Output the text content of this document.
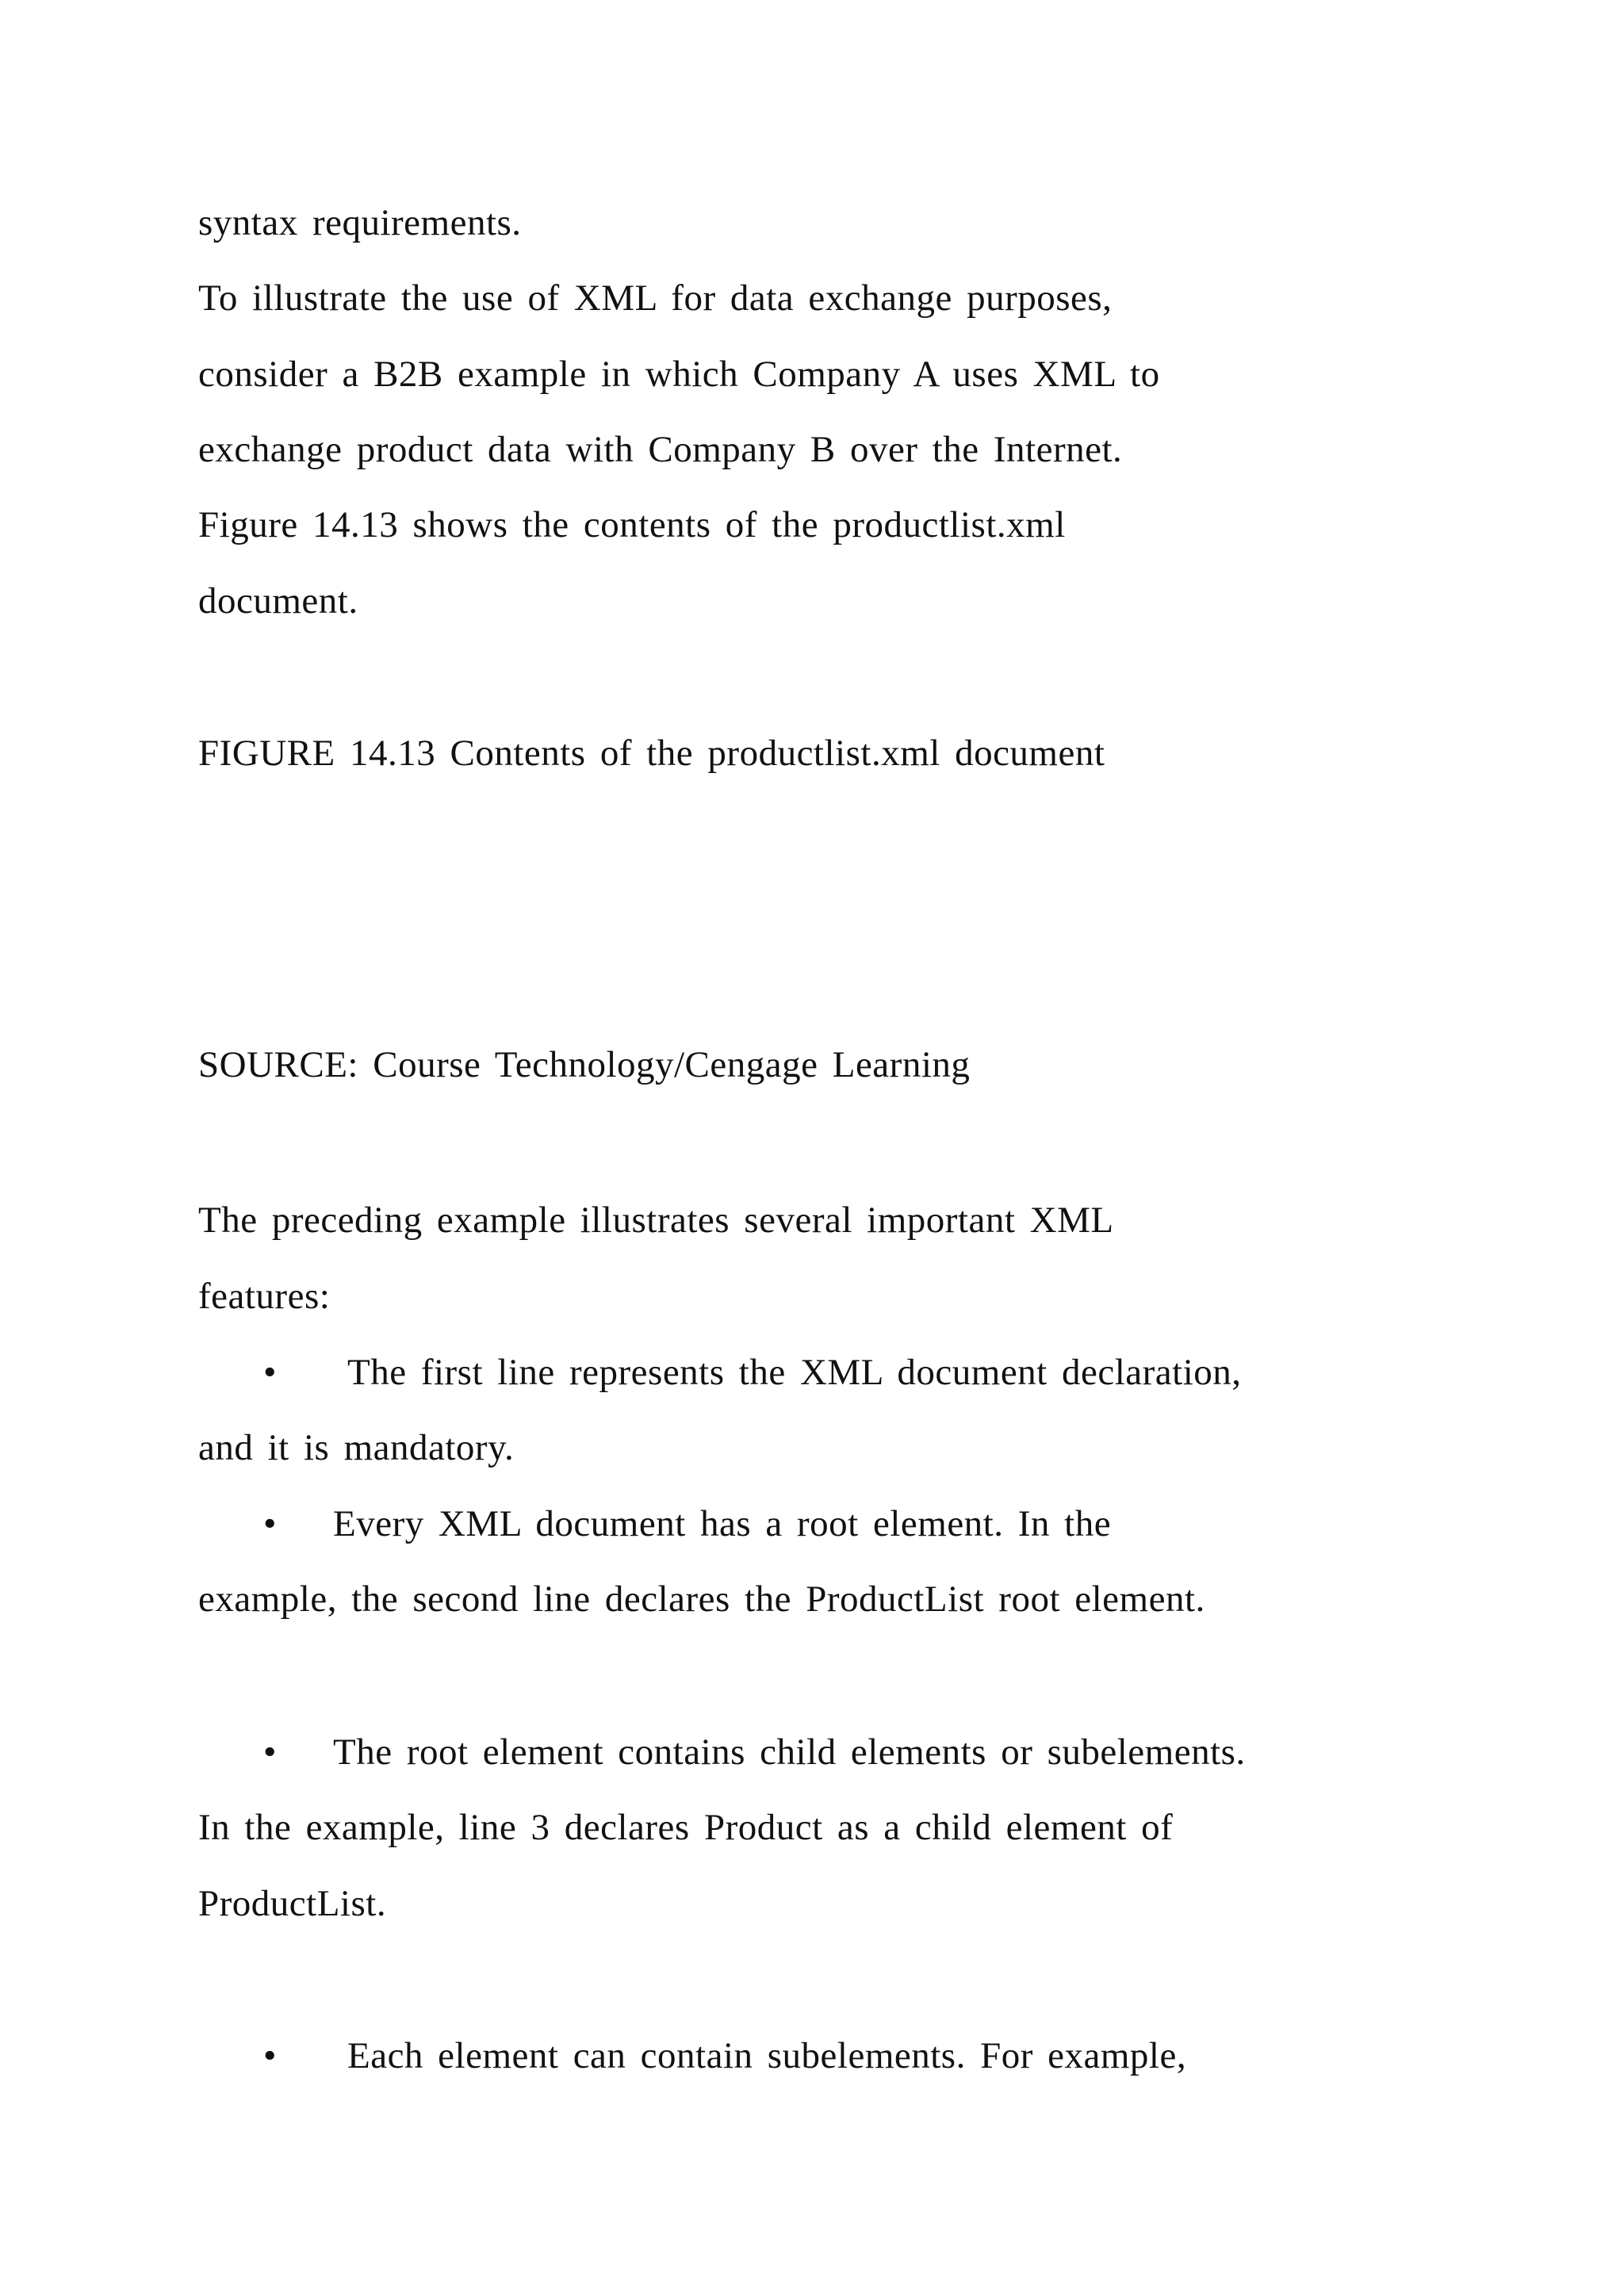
syntax requirements.

To illustrate the use of XML for data exchange purposes,

consider a B2B example in which Company A uses XML to

exchange product data with Company B over the Internet.

Figure 14.13 shows the contents of the productlist.xml

document.

FIGURE 14.13 Contents of the productlist.xml document

SOURCE: Course Technology/Cengage Learning

The preceding example illustrates several important XML

features:

• The first line represents the XML document declaration,

and it is mandatory.

• Every XML document has a root element. In the

example, the second line declares the ProductList root element.

• The root element contains child elements or subelements.

In the example, line 3 declares Product as a child element of

ProductList.

• Each element can contain subelements. For example,
